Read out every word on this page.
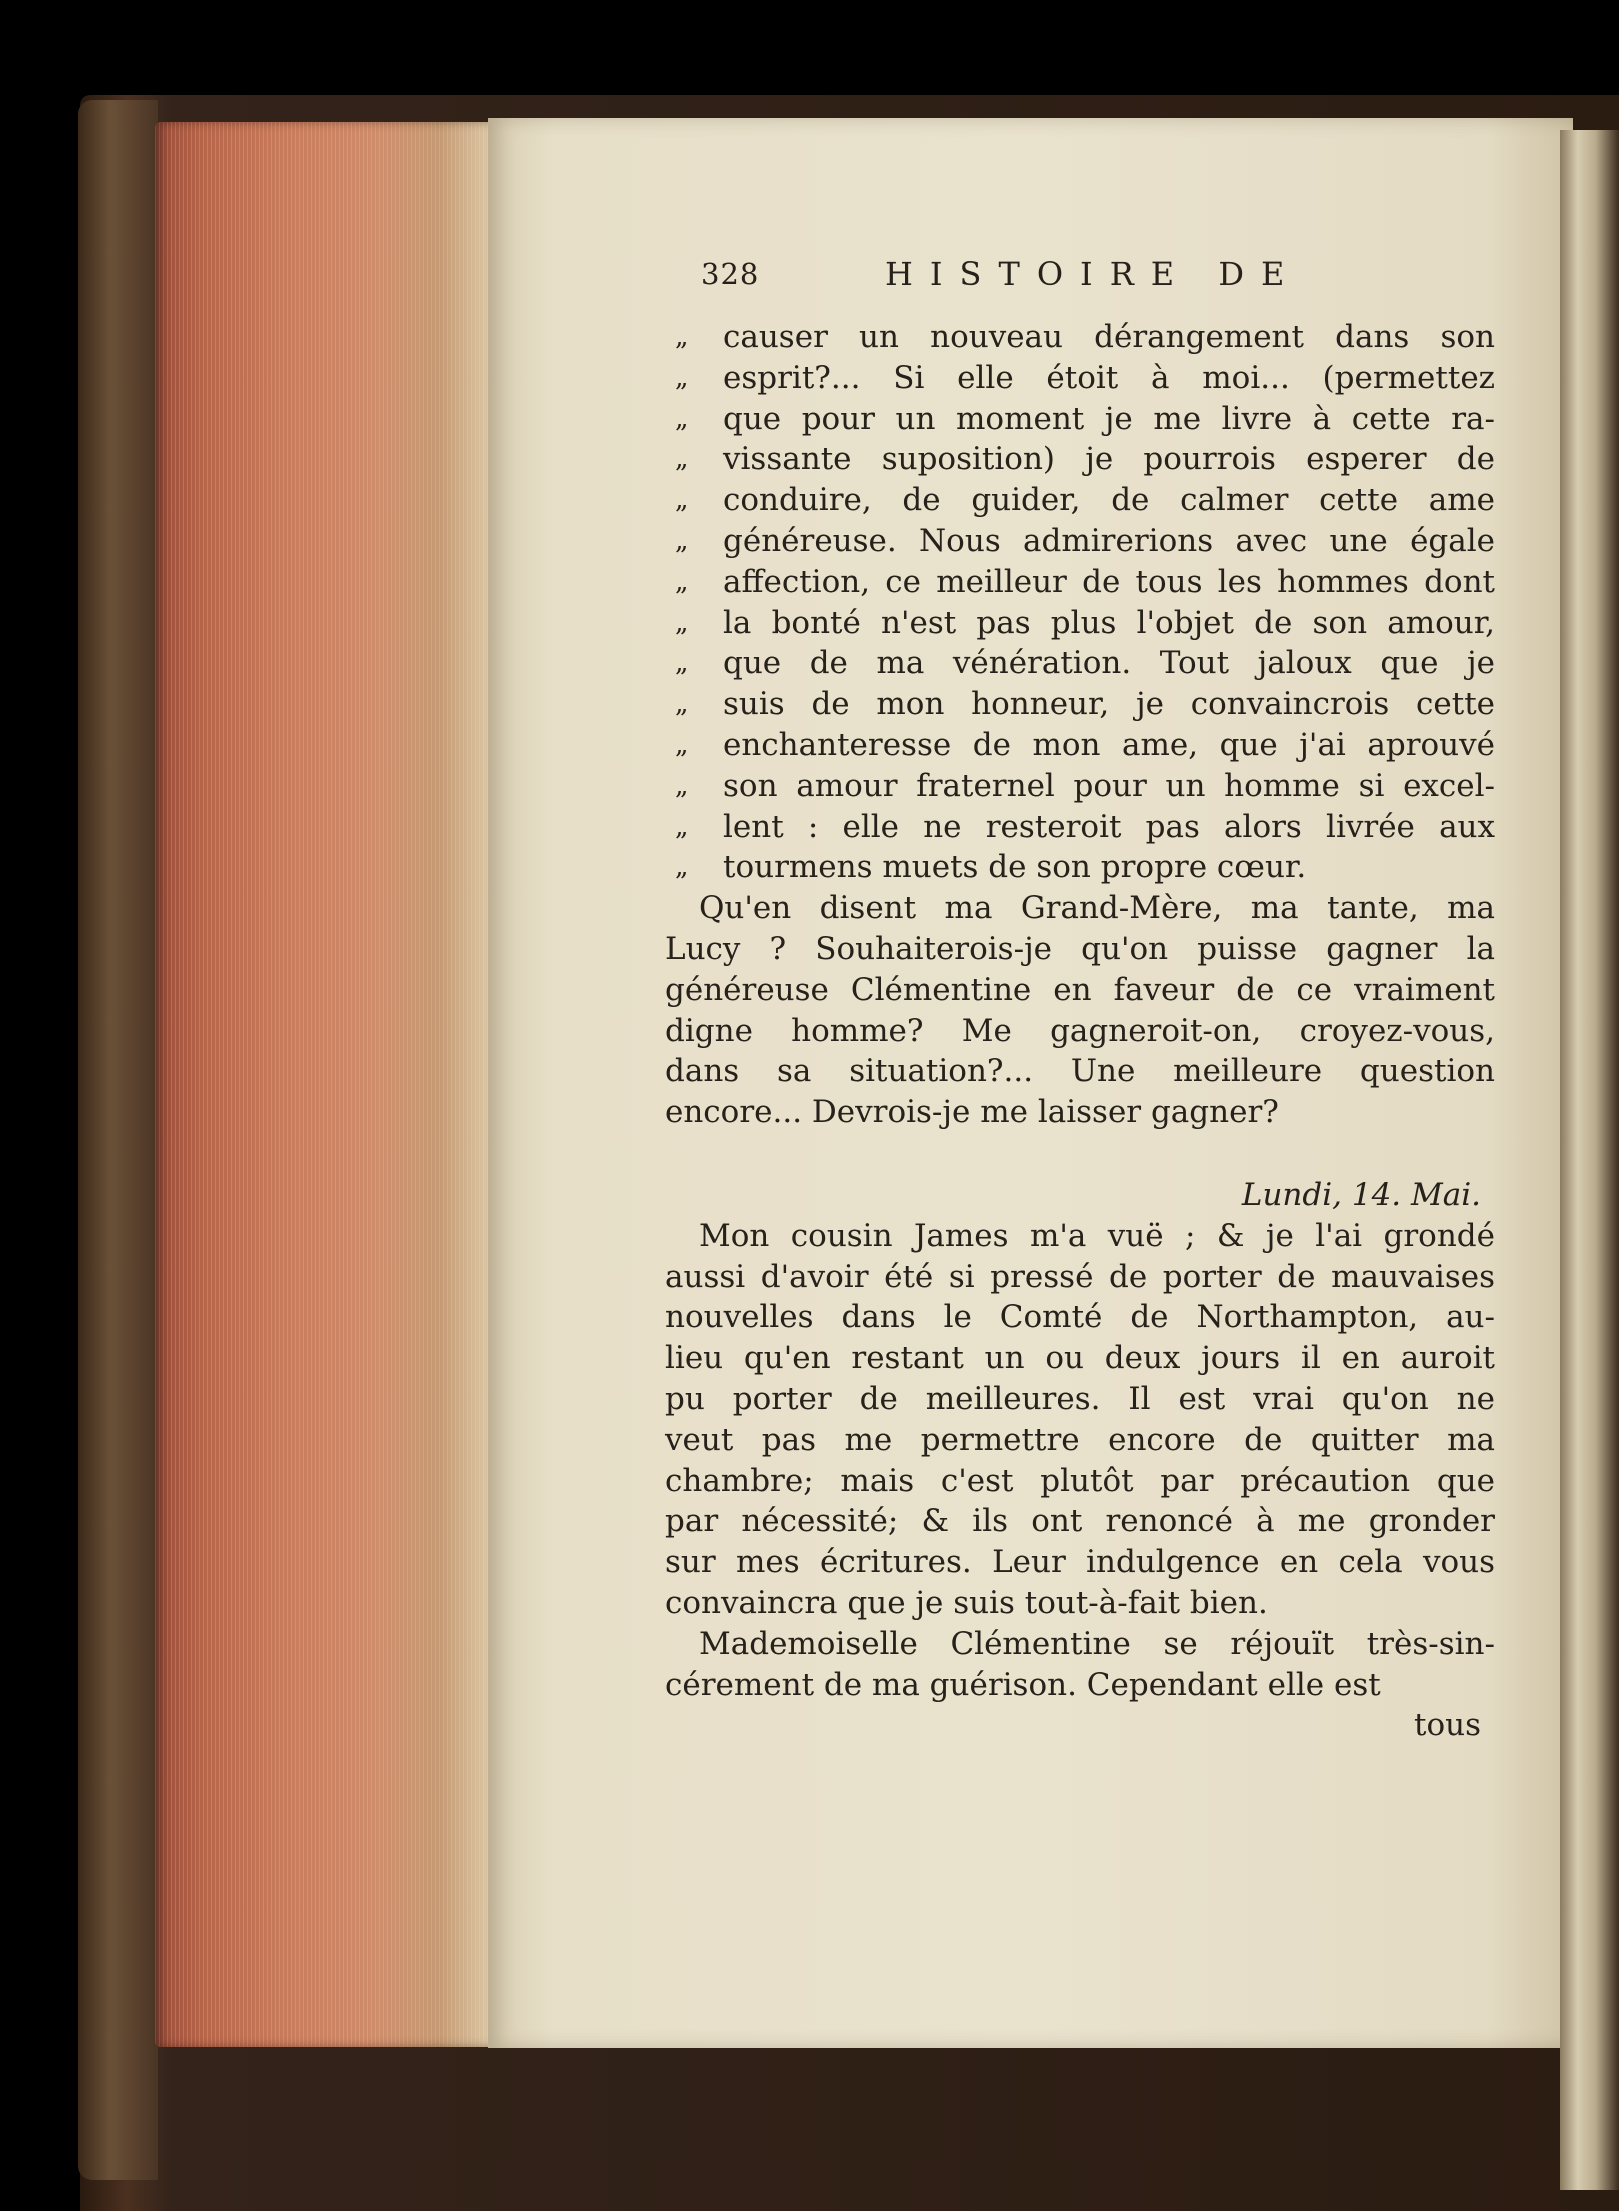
328	HISTOIRE DE
„ causer un nouveau dérangement dans son
„ esprit?... Si elle étoit à moi... (permettez
„ que pour un moment je me livre à cette ra-
„ vissante suposition) je pourrois esperer de
„ conduire, de guider, de calmer cette ame
„ généreuse. Nous admirerions avec une égale
„ affection, ce meilleur de tous les hommes dont
„ la bonté n'est pas plus l'objet de son amour,
„ que de ma vénération. Tout jaloux que je
„ suis de mon honneur, je convaincrois cette
„ enchanteresse de mon ame, que j'ai aprouvé
„ son amour fraternel pour un homme si excel-
„ lent : elle ne resteroit pas alors livrée aux
„ tourmens muets de son propre cœur.
Qu'en disent ma Grand-Mère, ma tante, ma
Lucy ? Souhaiterois-je qu'on puisse gagner la
généreuse Clémentine en faveur de ce vraiment
digne homme? Me gagneroit-on, croyez-vous,
dans sa situation?... Une meilleure question
encore... Devrois-je me laisser gagner?
Lundi, 14. Mai.
Mon cousin James m'a vuë ; & je l'ai grondé
aussi d'avoir été si pressé de porter de mauvaises
nouvelles dans le Comté de Northampton, au-
lieu qu'en restant un ou deux jours il en auroit
pu porter de meilleures. Il est vrai qu'on ne
veut pas me permettre encore de quitter ma
chambre; mais c'est plutôt par précaution que
par nécessité; & ils ont renoncé à me gronder
sur mes écritures. Leur indulgence en cela vous
convaincra que je suis tout-à-fait bien.
Mademoiselle Clémentine se réjouït très-sin-
cérement de ma guérison. Cependant elle est
tous
